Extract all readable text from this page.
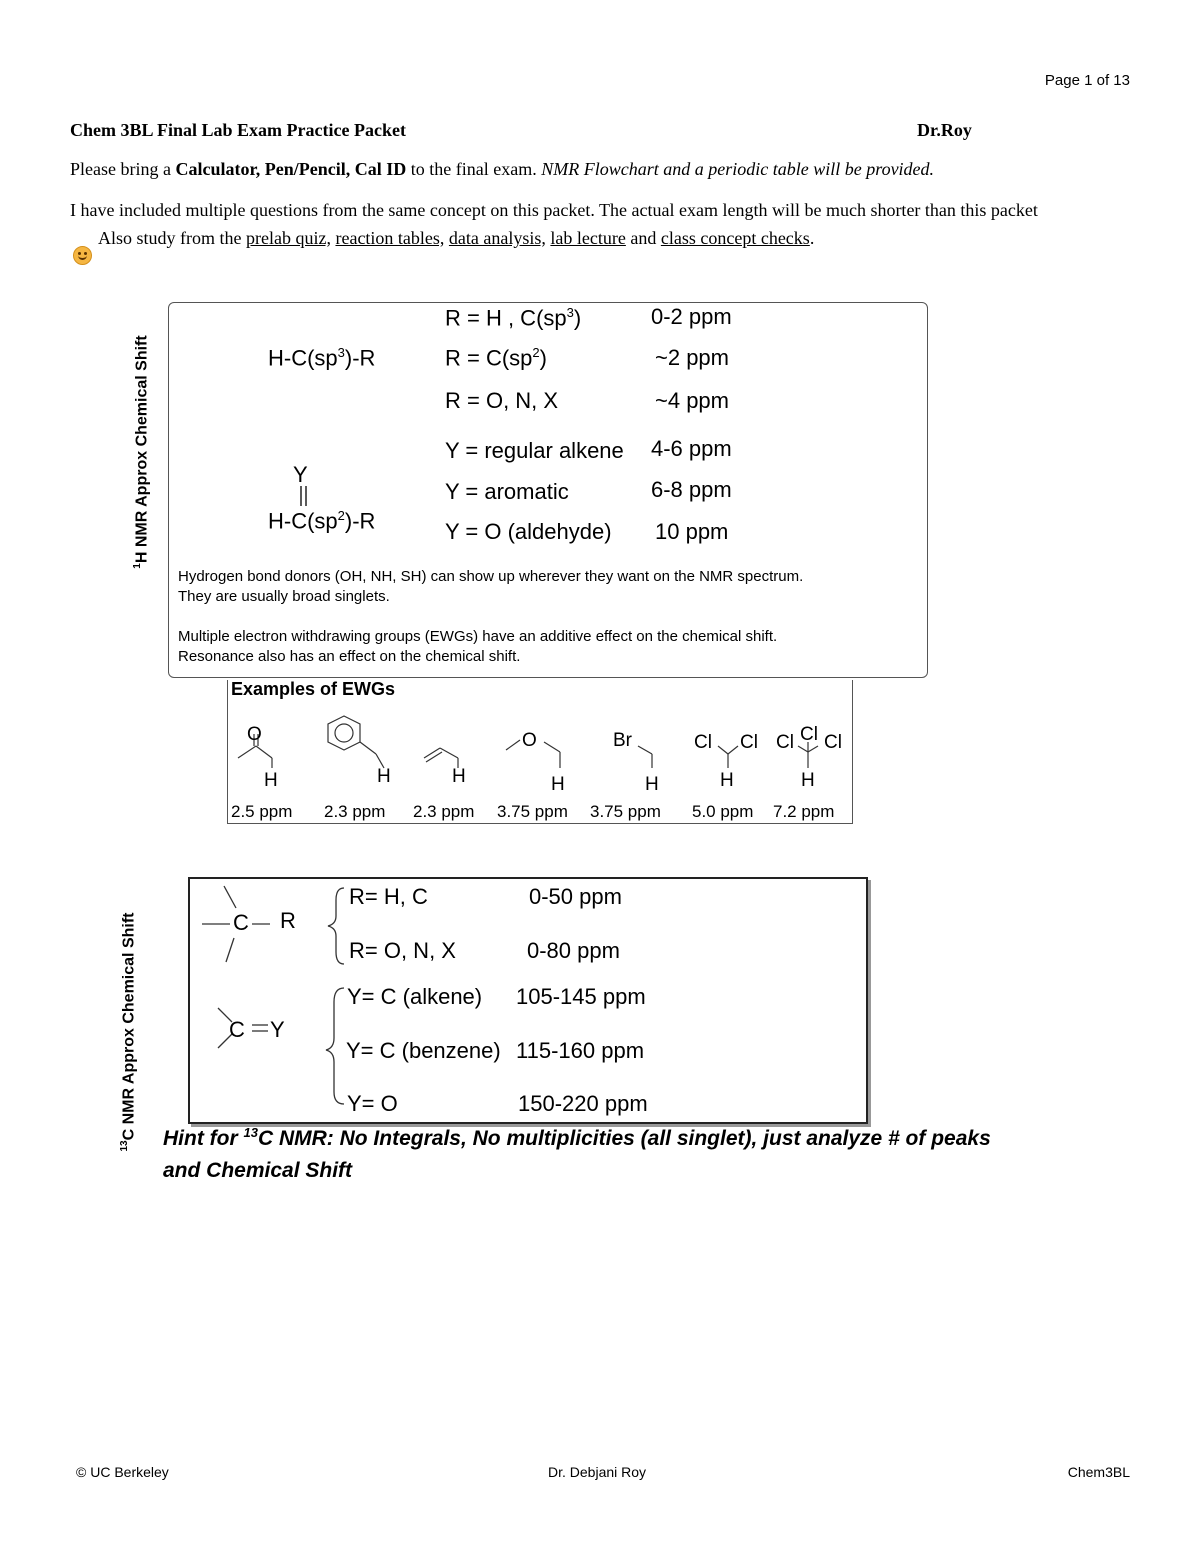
Page 1 of 13
Chem 3BL Final Lab Exam Practice Packet	Dr.Roy
Please bring a Calculator, Pen/Pencil, Cal ID to the final exam. NMR Flowchart and a periodic table will be provided.
I have included multiple questions from the same concept on this packet. The actual exam length will be much shorter than this packet
Also study from the prelab quiz, reaction tables, data analysis, lab lecture and class concept checks.
$^1$H NMR Approx Chemical Shift	$H-C(sp^3)-R$
R = H , $C(sp^3)$	0-2 ppm
$R = C(sp^2)$	~2 ppm
R = O, N, X	~4 ppm
Y
$H-C(sp^2)-R$
Y = regular alkene 4-6 ppm
Y = aromatic	6-8 ppm
Y = O (aldehyde) 10 ppm
Hydrogen bond donors (OH, NH, SH) can show up wherever they want on the NMR spectrum.
They are usually broad singlets.
Multiple electron withdrawing groups (EWGs) have an additive effect on the chemical shift.
Resonance also has an effect on the chemical shift.
Examples of EWGs
O
H	H	H
O
H
Br
H
Cl Cl
H
Cl Cl Cl
H
2.5 ppm 2.3 ppm 2.3 ppm 3.75 ppm 3.75 ppm 5.0 ppm 7.2 ppm
$^{13}$C NMR Approx Chemical Shift	C R
C Y
R= H, C	0-50 ppm
R= O, N, X	0-80 ppm
Y= C (alkene) 105-145 ppm
Y= C (benzene) 115-160 ppm
Y= O	150-220 ppm
Hint for $^{13}$C NMR: No Integrals, No multiplicities (all singlet), just analyze # of peaks
and Chemical Shift
© UC Berkeley	Dr. Debjani Roy	Chem3BL
